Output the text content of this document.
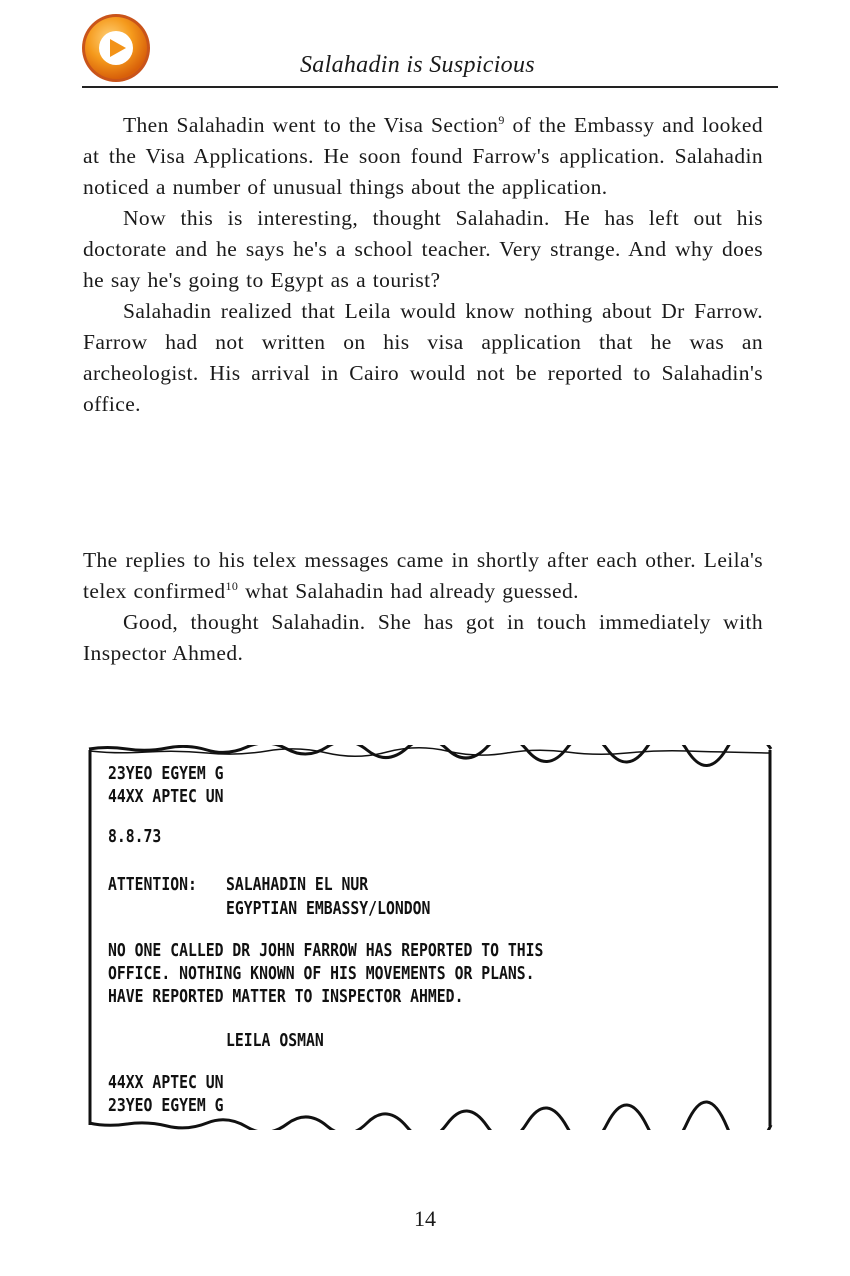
Salahadin is Suspicious

Then Salahadin went to the Visa Section$^9$ of the Embassy and looked at the Visa Applications. He soon found Farrow's application. Salahadin noticed a number of unusual things about the application.

Now this is interesting, thought Salahadin. He has left out his doctorate and he says he's a school teacher. Very strange. And why does he say he's going to Egypt as a tourist?

Salahadin realized that Leila would know nothing about Dr Farrow. Farrow had not written on his visa application that he was an archeologist. His arrival in Cairo would not be reported to Salahadin's office.

The replies to his telex messages came in shortly after each other. Leila's telex confirmed$^{10}$ what Salahadin had already guessed.

Good, thought Salahadin. She has got in touch immediately with Inspector Ahmed.

23YEO EGYEM G
44XX APTEC UN
8.8.73
ATTENTION: SALAHADIN EL NUR
EGYPTIAN EMBASSY/LONDON
NO ONE CALLED DR JOHN FARROW HAS REPORTED TO THIS
OFFICE. NOTHING KNOWN OF HIS MOVEMENTS OR PLANS.
HAVE REPORTED MATTER TO INSPECTOR AHMED.
LEILA OSMAN
44XX APTEC UN
23YEO EGYEM G
14
